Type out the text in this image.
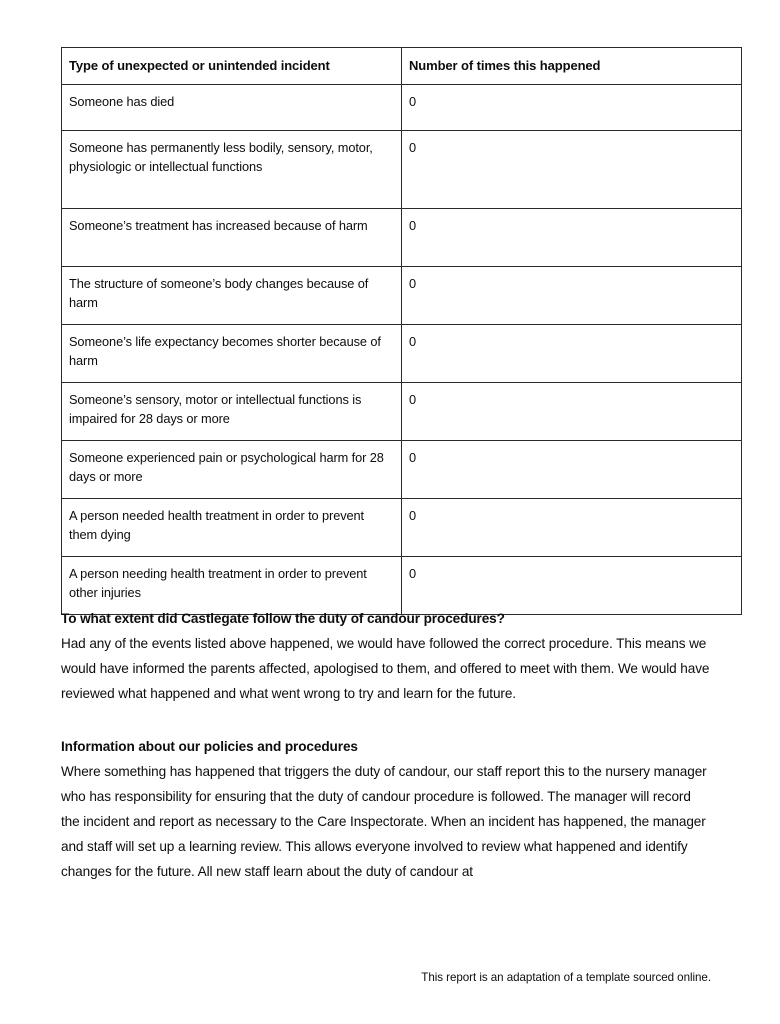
Type of unexpected or unintended incident	Number of times this happened
Someone has died	0
Someone has permanently less bodily, sensory, motor, physiologic or intellectual functions	0
Someone’s treatment has increased because of harm	0
The structure of someone’s body changes because of harm	0
Someone’s life expectancy becomes shorter because of harm	0
Someone’s sensory, motor or intellectual functions is impaired for 28 days or more	0
Someone experienced pain or psychological harm for 28 days or more	0
A person needed health treatment in order to prevent them dying	0
A person needing health treatment in order to prevent other injuries	0

To what extent did Castlegate follow the duty of candour procedures?

Had any of the events listed above happened, we would have followed the correct procedure. This means we would have informed the parents affected, apologised to them, and offered to meet with them. We would have reviewed what happened and what went wrong to try and learn for the future.

Information about our policies and procedures

Where something has happened that triggers the duty of candour, our staff report this to the nursery manager who has responsibility for ensuring that the duty of candour procedure is followed. The manager will record the incident and report as necessary to the Care Inspectorate. When an incident has happened, the manager and staff will set up a learning review. This allows everyone involved to review what happened and identify changes for the future. All new staff learn about the duty of candour at

This report is an adaptation of a template sourced online.
